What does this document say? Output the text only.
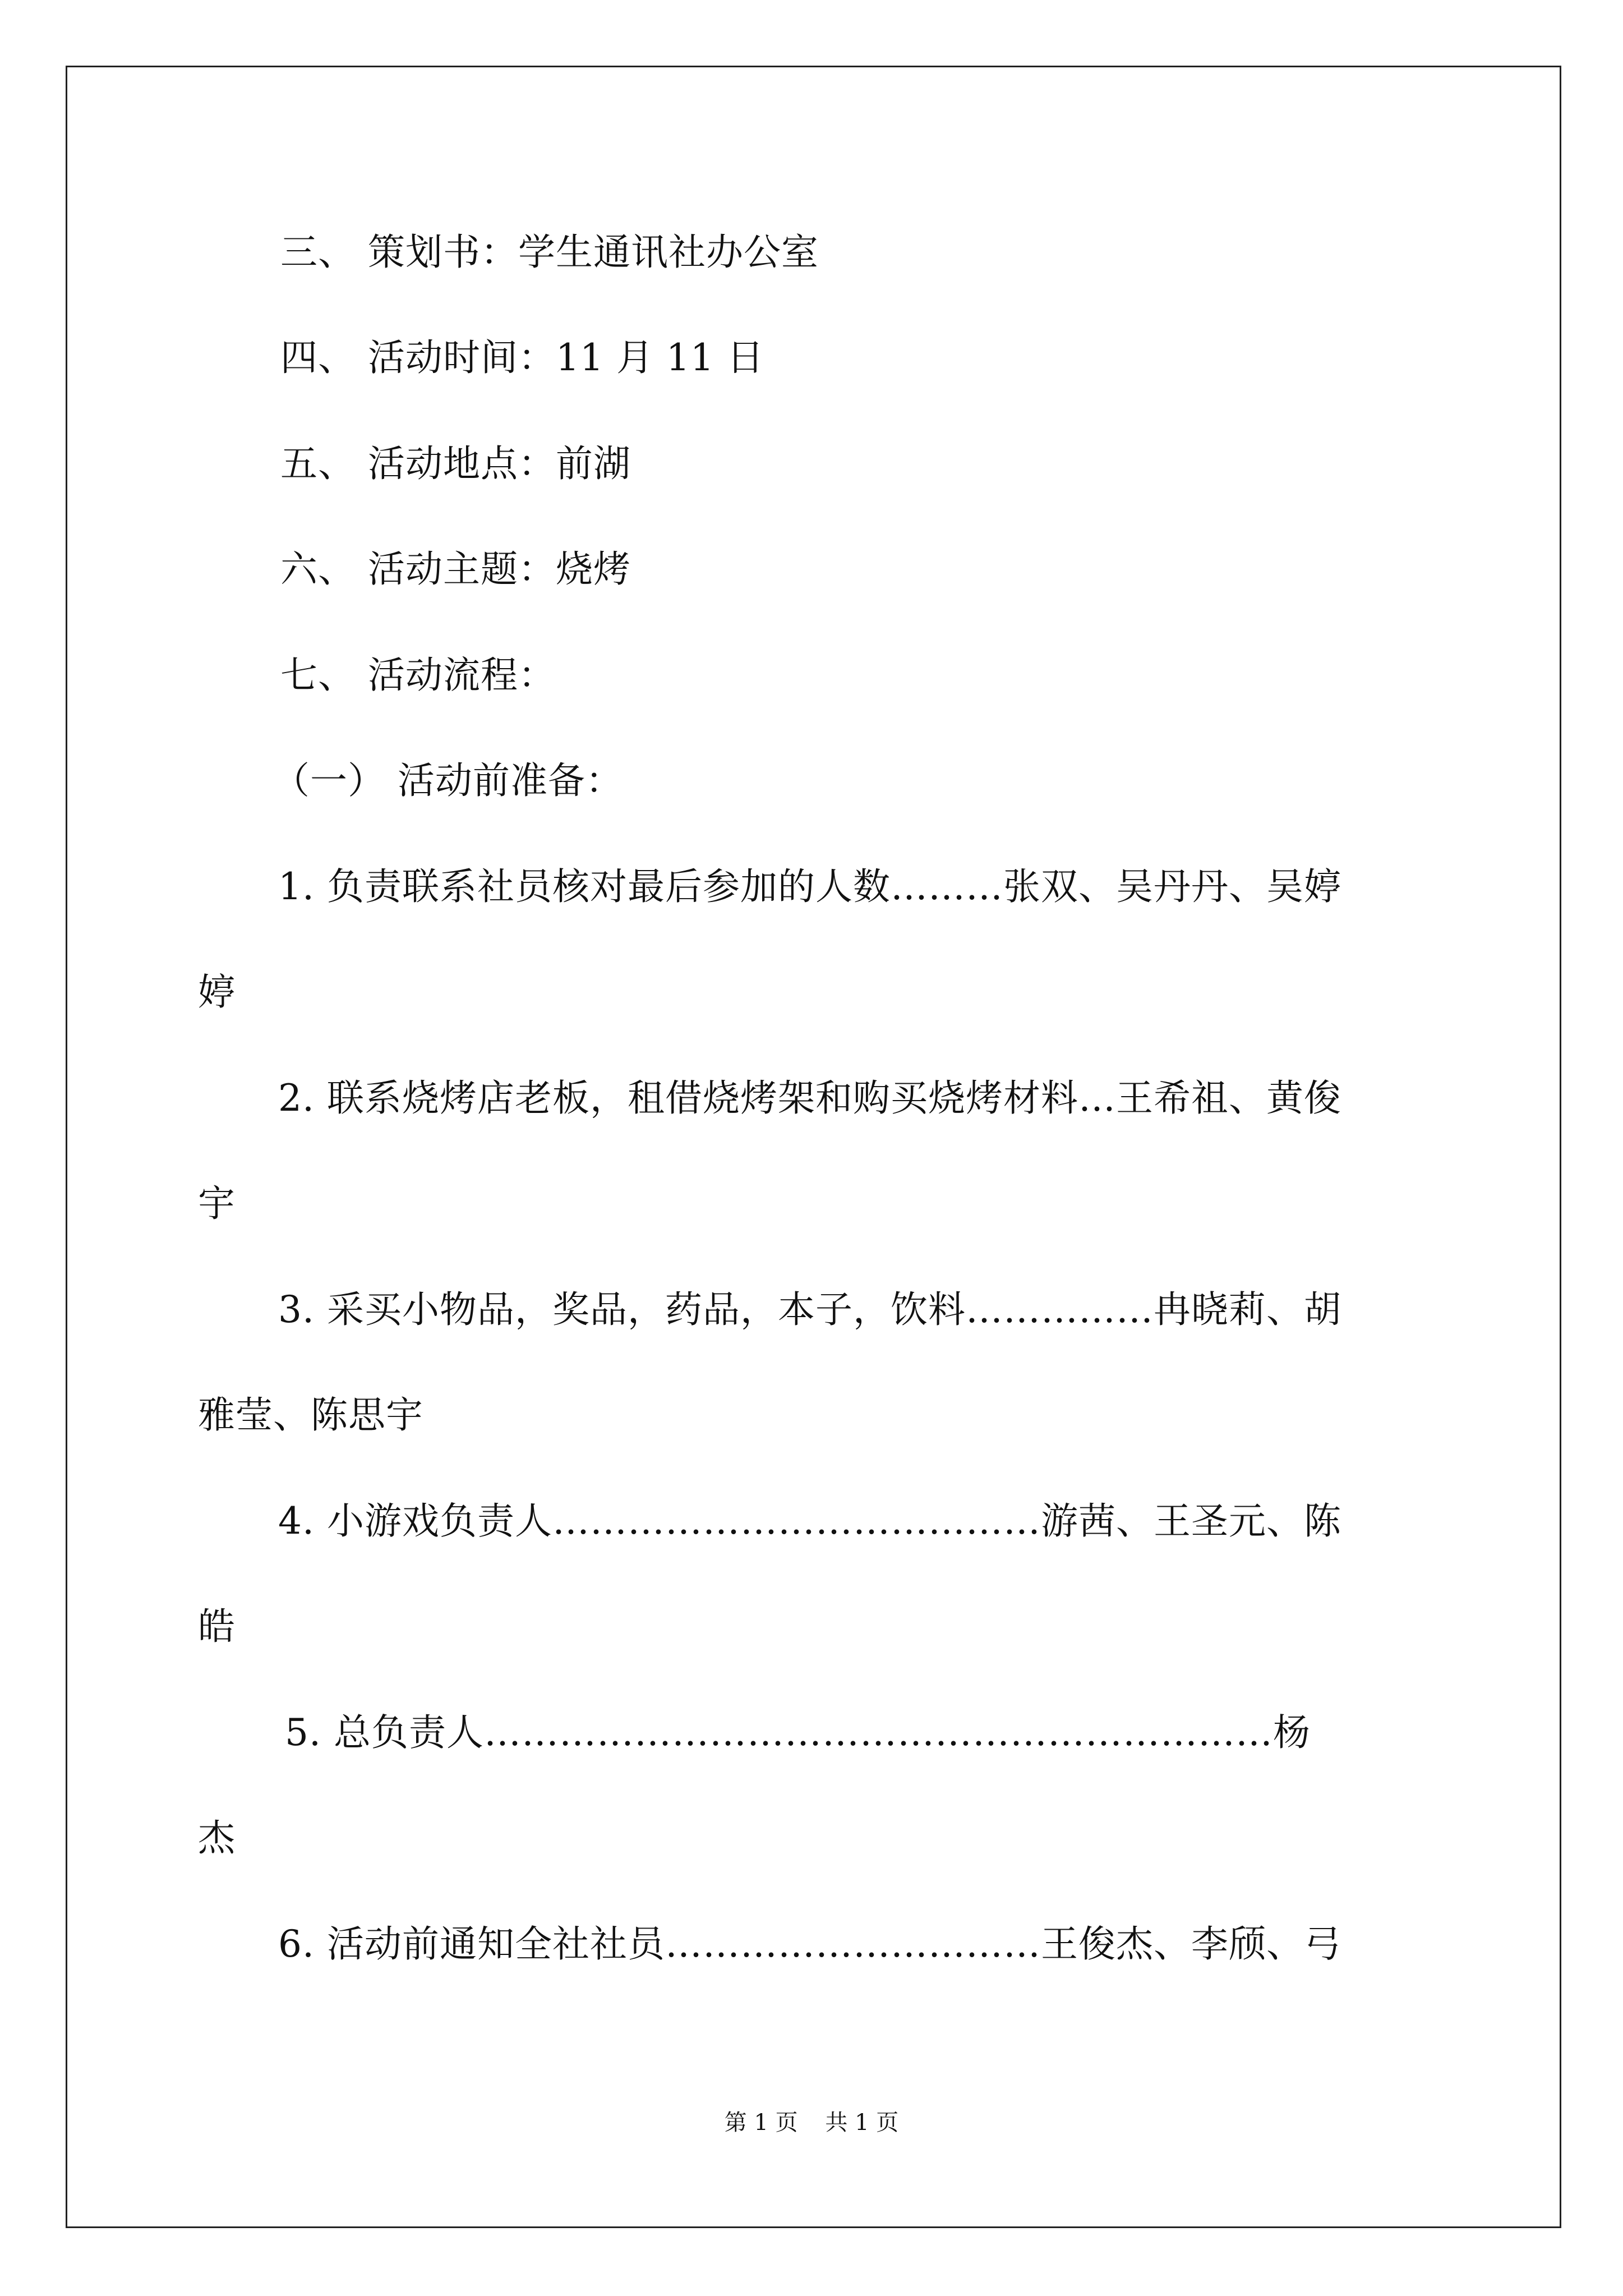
三、 策划书：学生通讯社办公室
四、 活动时间：11 月 11 日
五、 活动地点：前湖
六、 活动主题：烧烤
七、 活动流程：
（一） 活动前准备：
1. 负责联系社员核对最后参加的人数………张双、吴丹丹、吴婷
婷
2. 联系烧烤店老板，租借烧烤架和购买烧烤材料…王希祖、黄俊
宇
3. 采买小物品，奖品，药品，本子，饮料……………冉晓莉、胡
雅莹、陈思宇
4. 小游戏负责人…………………………………游茜、王圣元、陈
皓
5. 总负责人………………………………………………………杨
杰
6. 活动前通知全社社员…………………………王俊杰、李颀、弓
第 1 页 共 1 页
